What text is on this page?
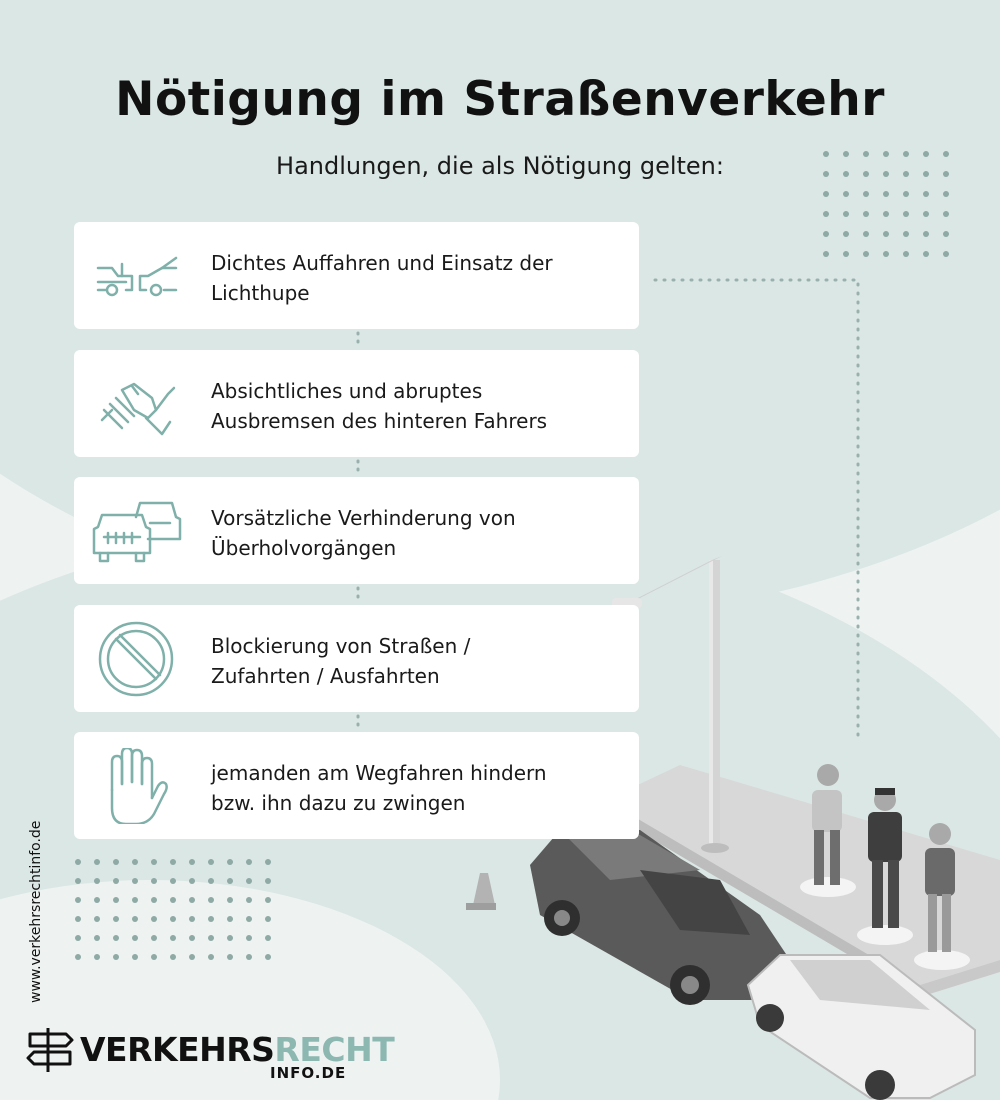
Nötigung im Straßenverkehr
Handlungen, die als Nötigung gelten:
Dichtes Auffahren und Einsatz der
Lichthupe
Absichtliches und abruptes
Ausbremsen des hinteren Fahrers
Vorsätzliche Verhinderung von
Überholvorgängen
Blockierung von Straßen /
Zufahrten / Ausfahrten
jemanden am Wegfahren hindern
bzw. ihn dazu zu zwingen
www.verkehrsrechtinfo.de
VERKEHRSRECHT
INFO.DE
